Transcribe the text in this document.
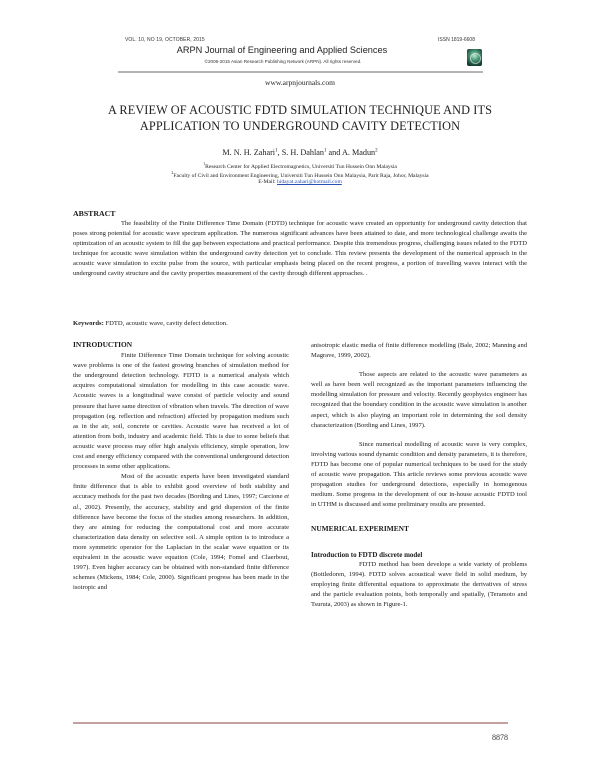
VOL. 10, NO 19, OCTOBER, 2015	ISSN 1819-6608
ARPN Journal of Engineering and Applied Sciences
©2006-2015 Asian Research Publishing Network (ARPN). All rights reserved.
www.arpnjournals.com
A REVIEW OF ACOUSTIC FDTD SIMULATION TECHNIQUE AND ITS
APPLICATION TO UNDERGROUND CAVITY DETECTION
M. N. H. Zahari$^1$, S. H. Dahlan$^1$ and A. Madun$^2$
$^1$Research Center for Applied Electromagnetics, Universiti Tun Hussein Onn Malaysia
$^2$Faculty of Civil and Environment Engineering, Universiti Tun Hussein Onn Malaysia, Parit Raja, Johor, Malaysia
E-Mail: hidayat.zahari@hotmail.com
ABSTRACT

The feasibility of the Finite Difference Time Domain (FDTD) technique for acoustic wave created an opportunity for underground cavity detection that poses strong potential for acoustic wave spectrum application. The numerous significant advances have been attained to date, and more technological challenge awaits the optimization of an acoustic system to fill the gap between expectations and practical performance. Despite this tremendous progress, challenging issues related to the FDTD technique for acoustic wave simulation within the underground cavity detection yet to conclude. This review presents the development of the numerical approach in the acoustic wave simulation to excite pulse from the source, with particular emphasis being placed on the recent progress, a portion of travelling waves interact with the underground cavity structure and the cavity properties measurement of the cavity through different approaches. .

Keywords: FDTD, acoustic wave, cavity defect detection.

INTRODUCTION

Finite Difference Time Domain technique for solving acoustic wave problems is one of the fastest growing branches of simulation method for the underground detection technology. FDTD is a numerical analysis which acquires computational simulation for modelling in this case acoustic wave. Acoustic waves is a longitudinal wave consist of particle velocity and sound pressure that have same direction of vibration when travels. The direction of wave propagation (eg. reflection and refraction) affected by propagation medium such as in the air, soil, concrete or cavities. Acoustic wave has received a lot of attention from both, industry and academic field. This is due to some beliefs that acoustic wave process may offer high analysis efficiency, simple operation, low cost and energy efficiency compared with the conventional underground detection processes in some other applications.

Most of the acoustic experts have been investigated standard finite difference that is able to exhibit good overview of both stability and accuracy methods for the past two decades (Bording and Lines, 1997; Carcione et al., 2002). Presently, the accuracy, stability and grid dispersion of the finite difference have become the focus of the studies among researchers. In addition, they are aiming for reducing the computational cost and more accurate characterization data density on selective soil. A simple option is to introduce a more symmetric operator for the Laplacian in the scalar wave equation or its equivalent in the acoustic wave equation (Cole, 1994; Fomel and Claerbout, 1997). Even higher accuracy can be obtained with non-standard finite difference schemes (Mickens, 1984; Cole, 2000). Significant progress has been made in the isotropic and

anisotropic elastic media of finite difference modelling (Bale, 2002; Manning and Magrave, 1999, 2002).

Those aspects are related to the acoustic wave parameters as well as have been well recognized as the important parameters influencing the modelling simulation for pressure and velocity. Recently geophysics engineer has recognized that the boundary condition in the acoustic wave simulation is another aspect, which is also playing an important role in determining the soil density characterization (Bording and Lines, 1997).

Since numerical modelling of acoustic wave is very complex, involving various sound dynamic condition and density parameters, it is therefore, FDTD has become one of popular numerical techniques to be used for the study of acoustic wave propagation. This article reviews some previous acoustic wave propagation studies for underground detections, especially in homogenous medium. Some progress in the development of our in-house acoustic FDTD tool in UTHM is discussed and some preliminary results are presented.

NUMERICAL EXPERIMENT

Introduction to FDTD discrete model

FDTD method has been develope a wide variety of problems (Bottledoren, 1994). FDTD solves acoustical wave field in solid medium, by employing finite differential equations to approximate the derivatives of stress and the particle evaluation points, both temporally and spatially, (Teramoto and Tsuruta, 2003) as shown in Figure-1.

8878
